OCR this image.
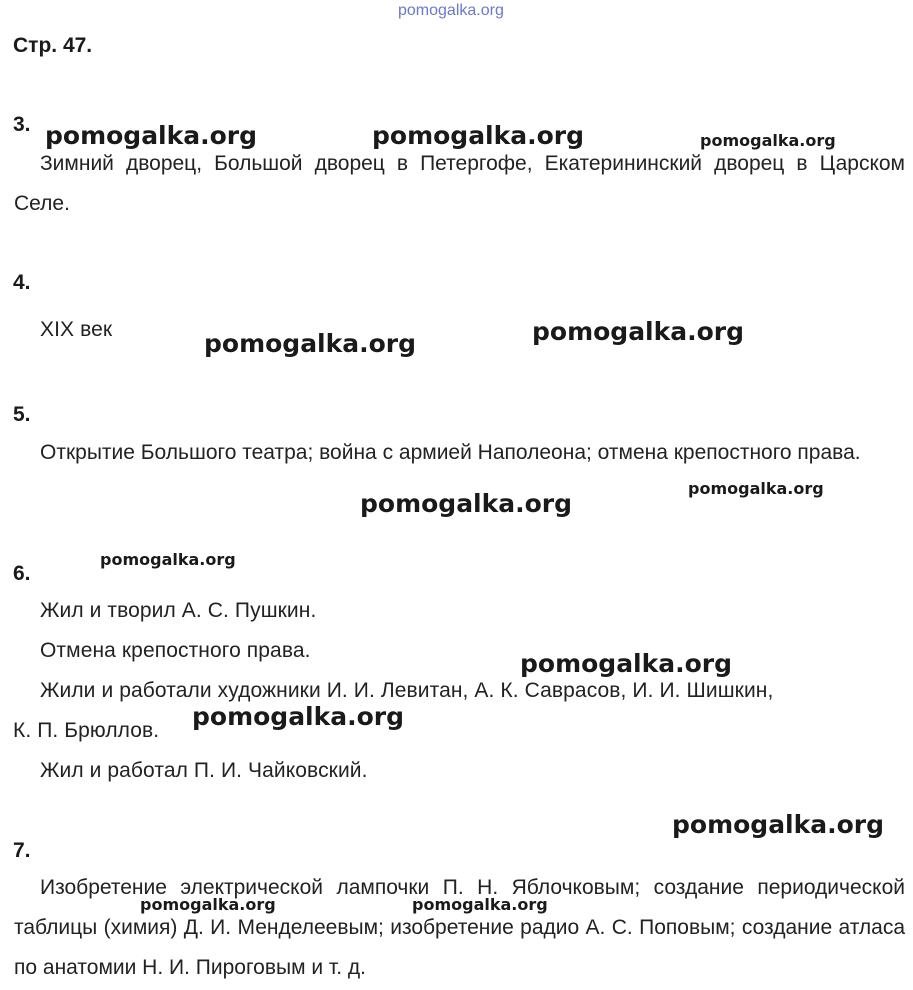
pomogalka.org
Стр. 47.
3.
Зимний дворец, Большой дворец в Петергофе, Екатерининский дворец в Царском Селе.
4.
XIX век
5.
Открытие Большого театра; война с армией Наполеона; отмена крепостного права.
6.
Жил и творил А. С. Пушкин.
Отмена крепостного права.
Жили и работали художники И. И. Левитан, А. К. Саврасов, И. И. Шишкин,
К. П. Брюллов.
Жил и работал П. И. Чайковский.
7.
Изобретение электрической лампочки П. Н. Яблочковым; создание периодической таблицы (химия) Д. И. Менделеевым; изобретение радио А. С. Поповым; создание атласа по анатомии Н. И. Пироговым и т. д.
pomogalka.org	pomogalka.org	pomogalka.org
pomogalka.org	pomogalka.org
pomogalka.org
pomogalka.org
pomogalka.org
pomogalka.org
pomogalka.org
pomogalka.org
pomogalka.org	pomogalka.org
